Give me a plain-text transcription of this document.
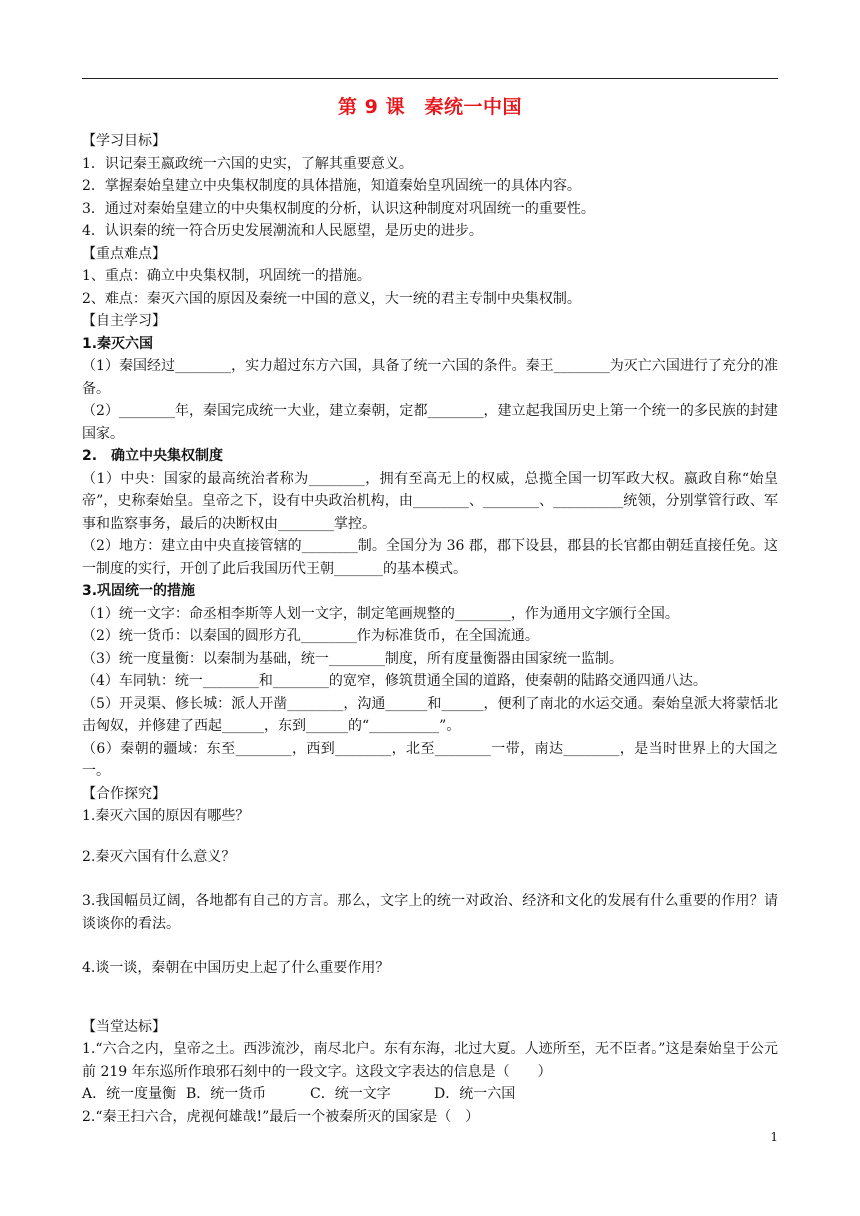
第 9 课　秦统一中国
【学习目标】
1．识记秦王嬴政统一六国的史实，了解其重要意义。
2．掌握秦始皇建立中央集权制度的具体措施，知道秦始皇巩固统一的具体内容。
3．通过对秦始皇建立的中央集权制度的分析，认识这种制度对巩固统一的重要性。
4．认识秦的统一符合历史发展潮流和人民愿望，是历史的进步。
【重点难点】
1、重点：确立中央集权制，巩固统一的措施。
2、难点：秦灭六国的原因及秦统一中国的意义，大一统的君主专制中央集权制。
【自主学习】
1.秦灭六国
（1）秦国经过________，实力超过东方六国，具备了统一六国的条件。秦王________为灭亡六国进行了充分的准备。
（2）________年，秦国完成统一大业，建立秦朝，定都________，建立起我国历史上第一个统一的多民族的封建国家。
2.　确立中央集权制度
（1）中央：国家的最高统治者称为________，拥有至高无上的权威，总揽全国一切军政大权。嬴政自称“始皇帝”，史称秦始皇。皇帝之下，设有中央政治机构，由________、________、__________统领，分别掌管行政、军事和监察事务，最后的决断权由________掌控。
（2）地方：建立由中央直接管辖的________制。全国分为 36 郡，郡下设县，郡县的长官都由朝廷直接任免。这一制度的实行，开创了此后我国历代王朝_______的基本模式。
3.巩固统一的措施
（1）统一文字：命丞相李斯等人划一文字，制定笔画规整的________，作为通用文字颁行全国。
（2）统一货币：以秦国的圆形方孔________作为标准货币，在全国流通。
（3）统一度量衡：以秦制为基础，统一________制度，所有度量衡器由国家统一监制。
（4）车同轨：统一________和________的宽窄，修筑贯通全国的道路，使秦朝的陆路交通四通八达。
（5）开灵渠、修长城：派人开凿________，沟通______和______，便利了南北的水运交通。秦始皇派大将蒙恬北击匈奴，并修建了西起______，东到______的“__________”。
（6）秦朝的疆域：东至________，西到________，北至________一带，南达________，是当时世界上的大国之一。
【合作探究】
1.秦灭六国的原因有哪些？
2.秦灭六国有什么意义？
3.我国幅员辽阔，各地都有自己的方言。那么，文字上的统一对政治、经济和文化的发展有什么重要的作用？请谈谈你的看法。
4.谈一谈，秦朝在中国历史上起了什么重要作用？
【当堂达标】
1.“六合之内，皇帝之土。西涉流沙，南尽北户。东有东海，北过大夏。人迹所至，无不臣者。”这是秦始皇于公元前 219 年东巡所作琅邪石刻中的一段文字。这段文字表达的信息是（　　）
A．统一度量衡 B．统一货币	C．统一文字	D．统一六国
2.“秦王扫六合，虎视何雄哉!”最后一个被秦所灭的国家是（　）
1
